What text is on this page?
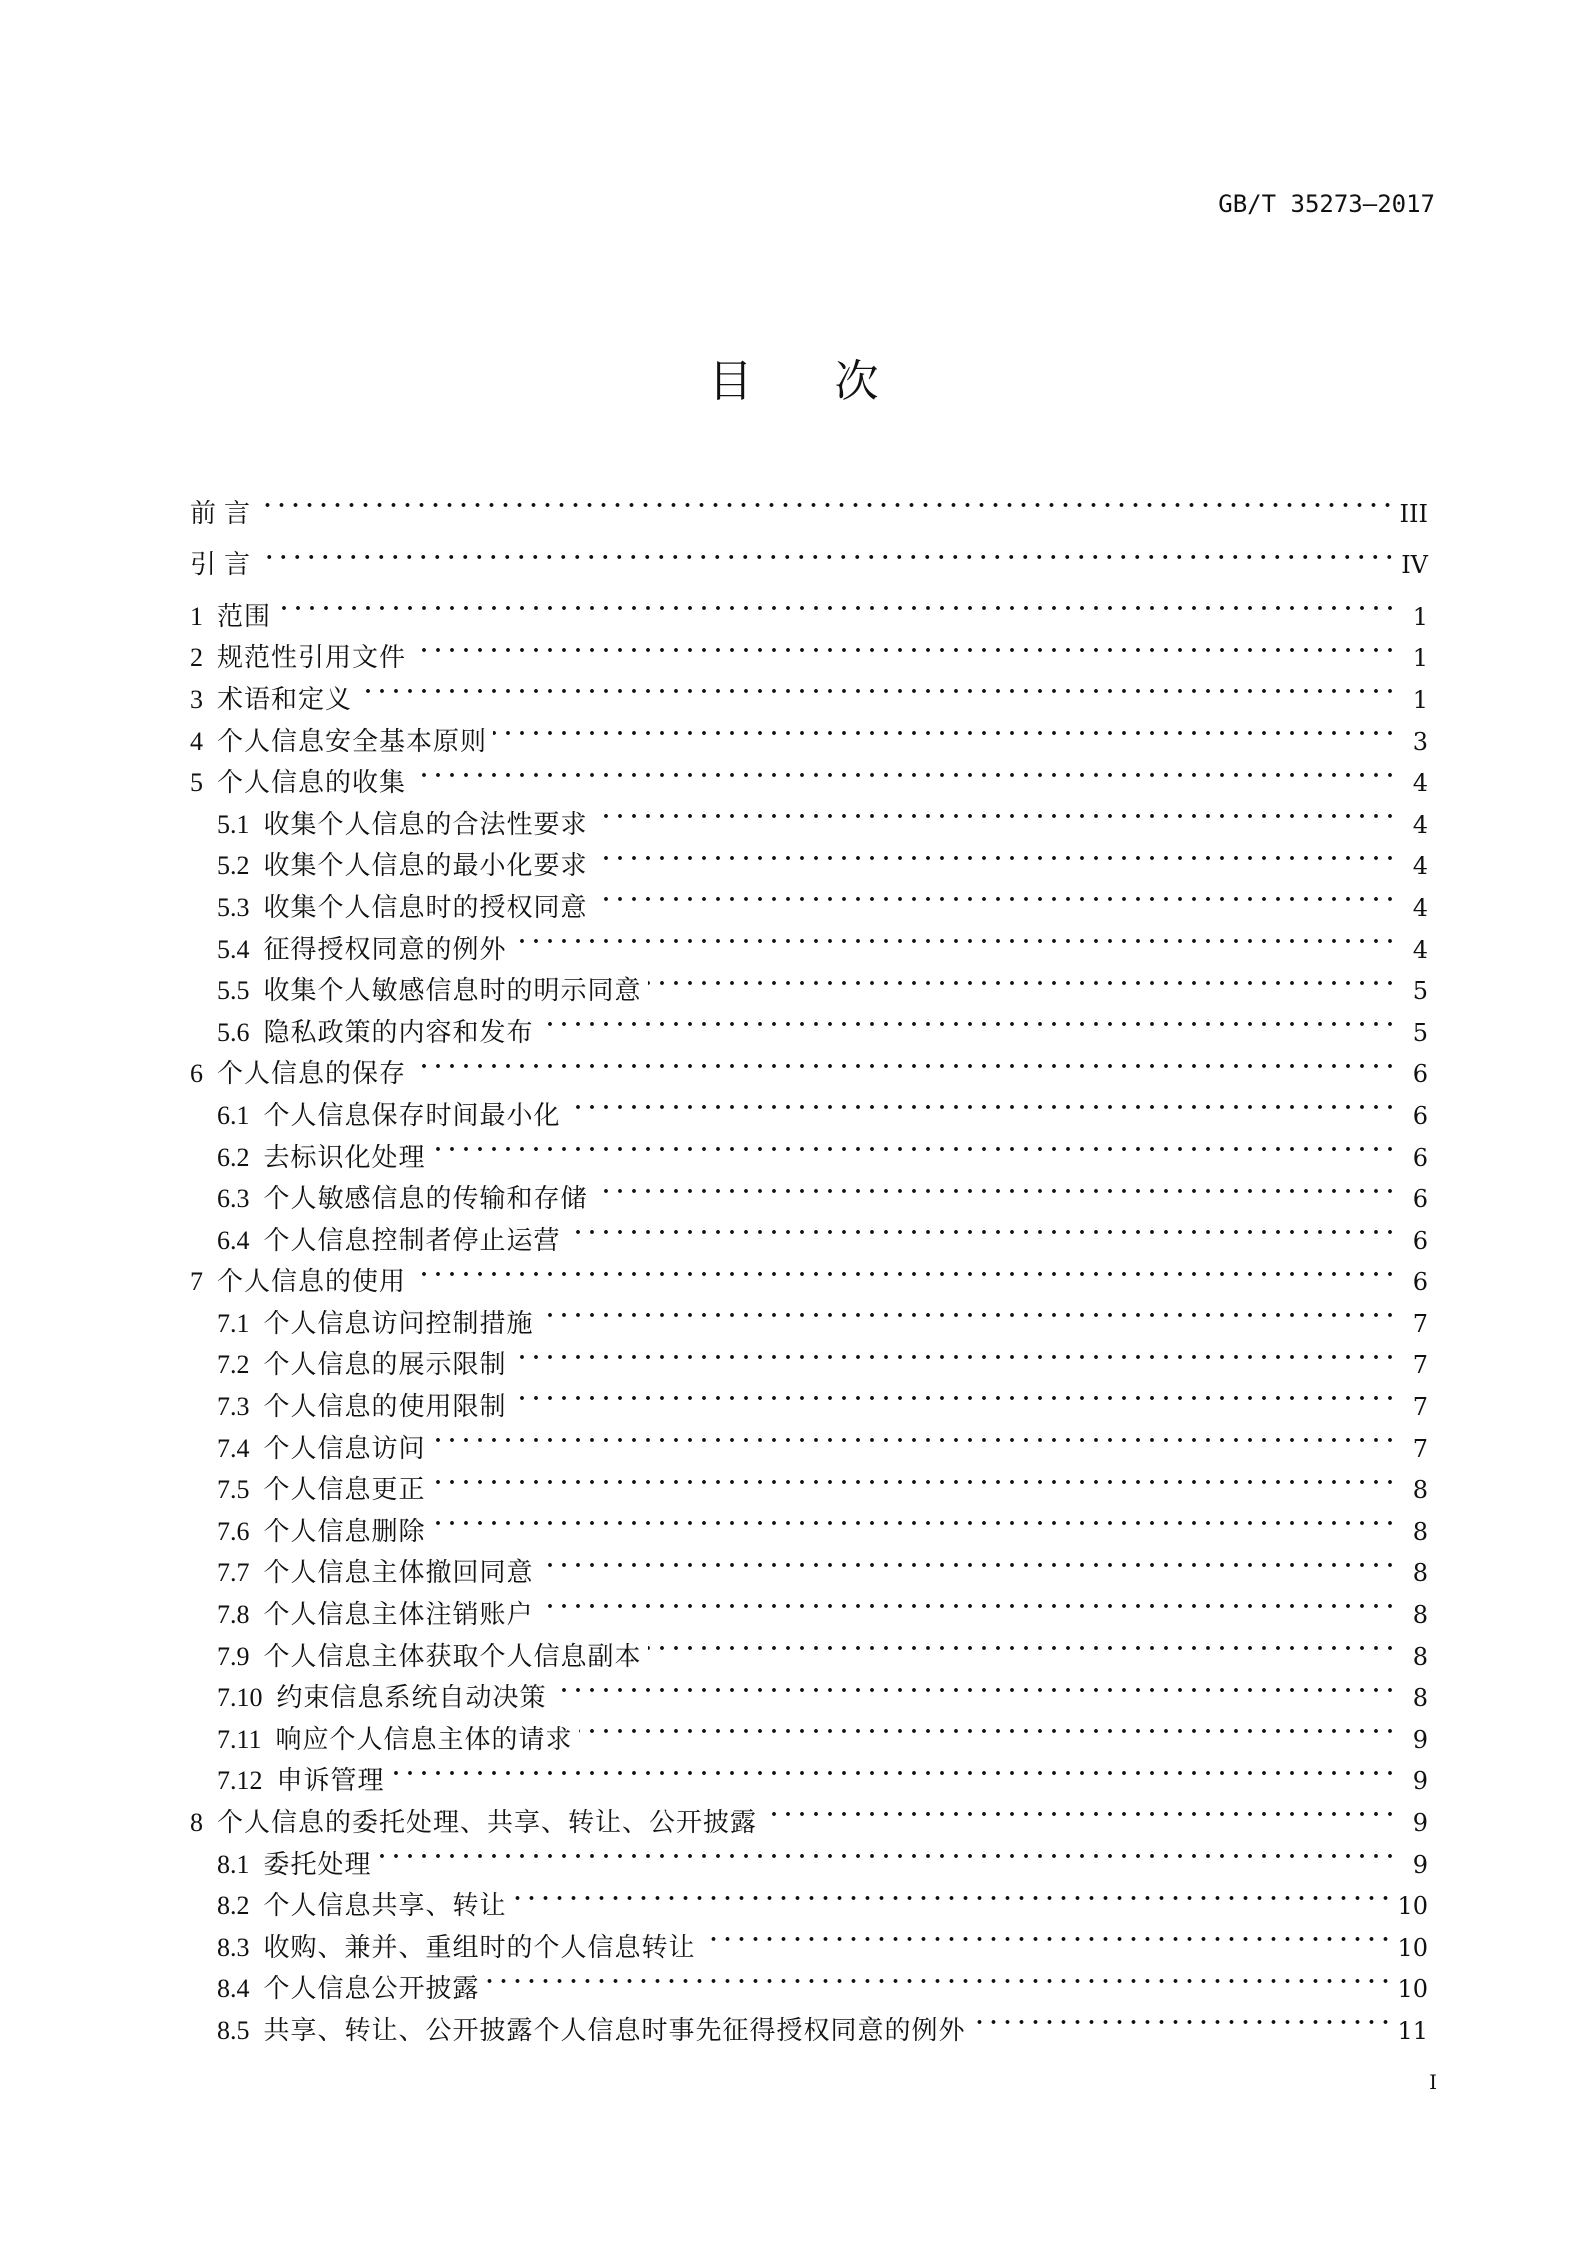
GB/T 35273—2017
目 次
前言 . . .	III
引言 . . .	IV
1 范围 . . .	1
2 规范性引用文件 . . .	1
3 术语和定义 . . .	1
4 个人信息安全基本原则 . . .	3
5 个人信息的收集 . . .	4
5.1 收集个人信息的合法性要求 . . .	4
5.2 收集个人信息的最小化要求 . . .	4
5.3 收集个人信息时的授权同意 . . .	4
5.4 征得授权同意的例外 . . .	4
5.5 收集个人敏感信息时的明示同意 . . .	5
5.6 隐私政策的内容和发布 . . .	5
6 个人信息的保存 . . .	6
6.1 个人信息保存时间最小化 . . .	6
6.2 去标识化处理 . . .	6
6.3 个人敏感信息的传输和存储 . . .	6
6.4 个人信息控制者停止运营 . . .	6
7 个人信息的使用 . . .	6
7.1 个人信息访问控制措施 . . .	7
7.2 个人信息的展示限制 . . .	7
7.3 个人信息的使用限制 . . .	7
7.4 个人信息访问 . . .	7
7.5 个人信息更正 . . .	8
7.6 个人信息删除 . . .	8
7.7 个人信息主体撤回同意 . . .	8
7.8 个人信息主体注销账户 . . .	8
7.9 个人信息主体获取个人信息副本 . . .	8
7.10 约束信息系统自动决策 . . .	8
7.11 响应个人信息主体的请求 . . .	9
7.12 申诉管理 . . .	9
8 个人信息的委托处理、共享、转让、公开披露 . . .	9
8.1 委托处理 . . .	9
8.2 个人信息共享、转让 . . .	10
8.3 收购、兼并、重组时的个人信息转让 . . .	10
8.4 个人信息公开披露 . . .	10
8.5 共享、转让、公开披露个人信息时事先征得授权同意的例外 . . .	11
I
